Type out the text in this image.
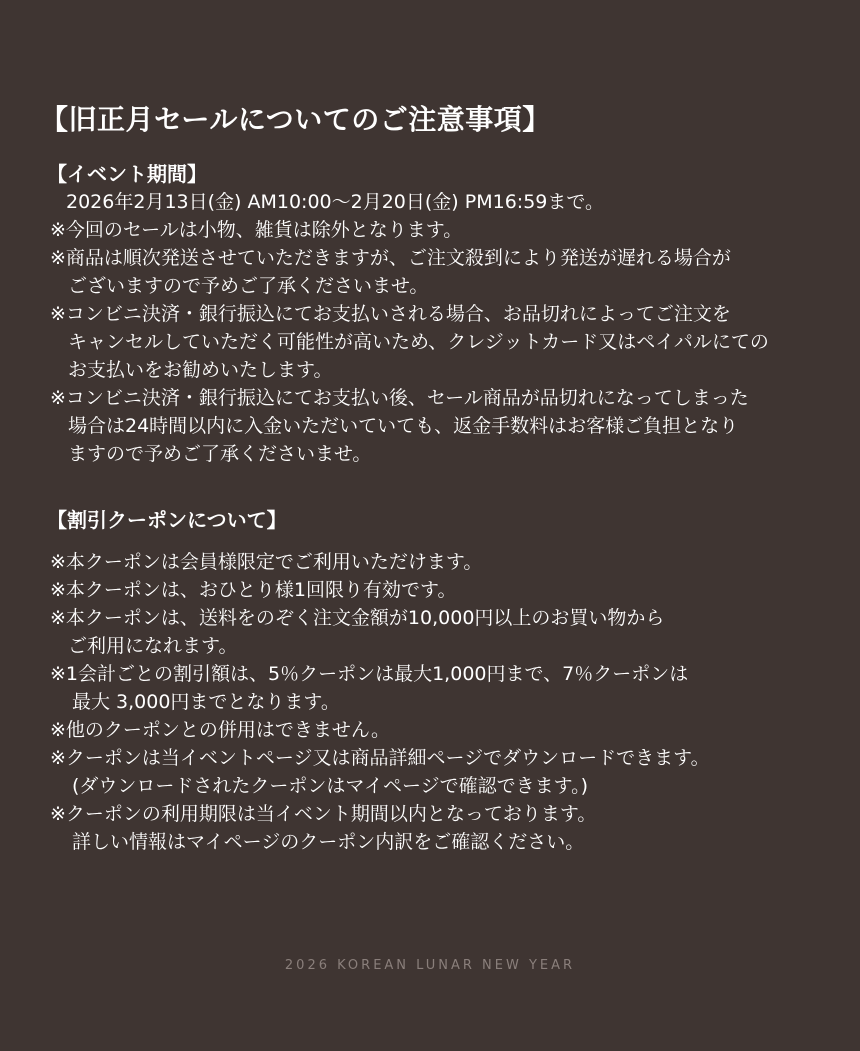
【旧正月セールについてのご注意事項】
【イベント期間】
2026年2月13日(金) AM10:00～2月20日(金) PM16:59まで。
※今回のセールは小物、雑貨は除外となります。
※商品は順次発送させていただきますが、ご注文殺到により発送が遅れる場合が
ございますので予めご了承くださいませ。
※コンビニ決済・銀行振込にてお支払いされる場合、お品切れによってご注文を
キャンセルしていただく可能性が高いため、クレジットカード又はペイパルにての
お支払いをお勧めいたします。
※コンビニ決済・銀行振込にてお支払い後、セール商品が品切れになってしまった
場合は24時間以内に入金いただいていても、返金手数料はお客様ご負担となり
ますので予めご了承くださいませ。
【割引クーポンについて】
※本クーポンは会員様限定でご利用いただけます。
※本クーポンは、おひとり様1回限り有効です。
※本クーポンは、送料をのぞく注文金額が10,000円以上のお買い物から
ご利用になれます。
※1会計ごとの割引額は、5％クーポンは最大1,000円まで、7％クーポンは
最大 3,000円までとなります。
※他のクーポンとの併用はできません。
※クーポンは当イベントページ又は商品詳細ページでダウンロードできます。
(ダウンロードされたクーポンはマイページで確認できます。)
※クーポンの利用期限は当イベント期間以内となっております。
詳しい情報はマイページのクーポン内訳をご確認ください。
2026 KOREAN LUNAR NEW YEAR
